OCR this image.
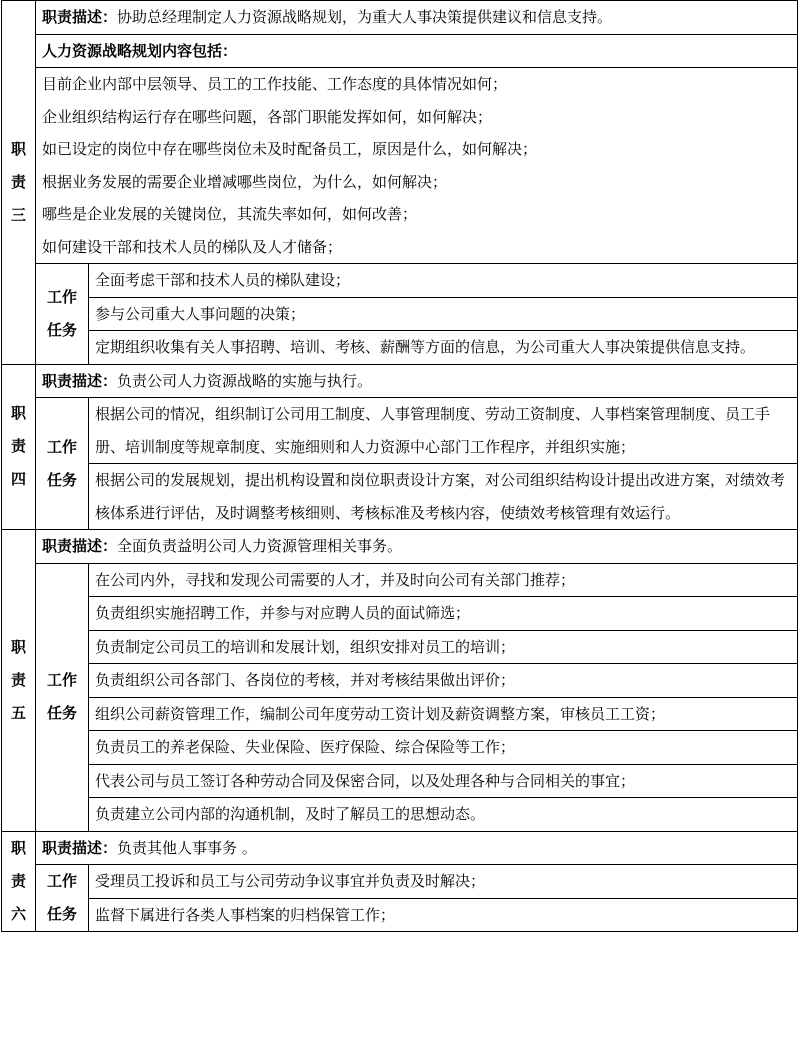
职
责
三	职责描述：协助总经理制定人力资源战略规划，为重大人事决策提供建议和信息支持。	
	人力资源战略规划内容包括：	
	目前企业内部中层领导、员工的工作技能、工作态度的具体情况如何；	
	企业组织结构运行存在哪些问题，各部门职能发挥如何，如何解决；	
	如已设定的岗位中存在哪些岗位未及时配备员工，原因是什么，如何解决；	
	根据业务发展的需要企业增减哪些岗位，为什么，如何解决；	
	哪些是企业发展的关键岗位，其流失率如何，如何改善；	
	如何建设干部和技术人员的梯队及人才储备；	

	工作
任务	全面考虑干部和技术人员的梯队建设；
		参与公司重大人事问题的决策；
		定期组织收集有关人事招聘、培训、考核、薪酬等方面的信息，为公司重大人事决策提供信息支持。

职
责
四	职责描述：负责公司人力资源战略的实施与执行。	

	工作
任务	根据公司的情况，组织制订公司用工制度、人事管理制度、劳动工资制度、人事档案管理制度、员工手册、培训制度等规章制度、实施细则和人力资源中心部门工作程序，并组织实施；
		根据公司的发展规划，提出机构设置和岗位职责设计方案，对公司组织结构设计提出改进方案，对绩效考核体系进行评估，及时调整考核细则、考核标准及考核内容，使绩效考核管理有效运行。

职
责
五	职责描述：全面负责益明公司人力资源管理相关事务。	

	工作
任务	在公司内外，寻找和发现公司需要的人才，并及时向公司有关部门推荐；
		负责组织实施招聘工作，并参与对应聘人员的面试筛选；
		负责制定公司员工的培训和发展计划，组织安排对员工的培训；
		负责组织公司各部门、各岗位的考核，并对考核结果做出评价；
		组织公司薪资管理工作，编制公司年度劳动工资计划及薪资调整方案，审核员工工资；
		负责员工的养老保险、失业保险、医疗保险、综合保险等工作；
		代表公司与员工签订各种劳动合同及保密合同，以及处理各种与合同相关的事宜；
		负责建立公司内部的沟通机制，及时了解员工的思想动态。

职
责
六	职责描述：负责其他人事事务 。	

	工作
任务	受理员工投诉和员工与公司劳动争议事宜并负责及时解决；
		监督下属进行各类人事档案的归档保管工作；
